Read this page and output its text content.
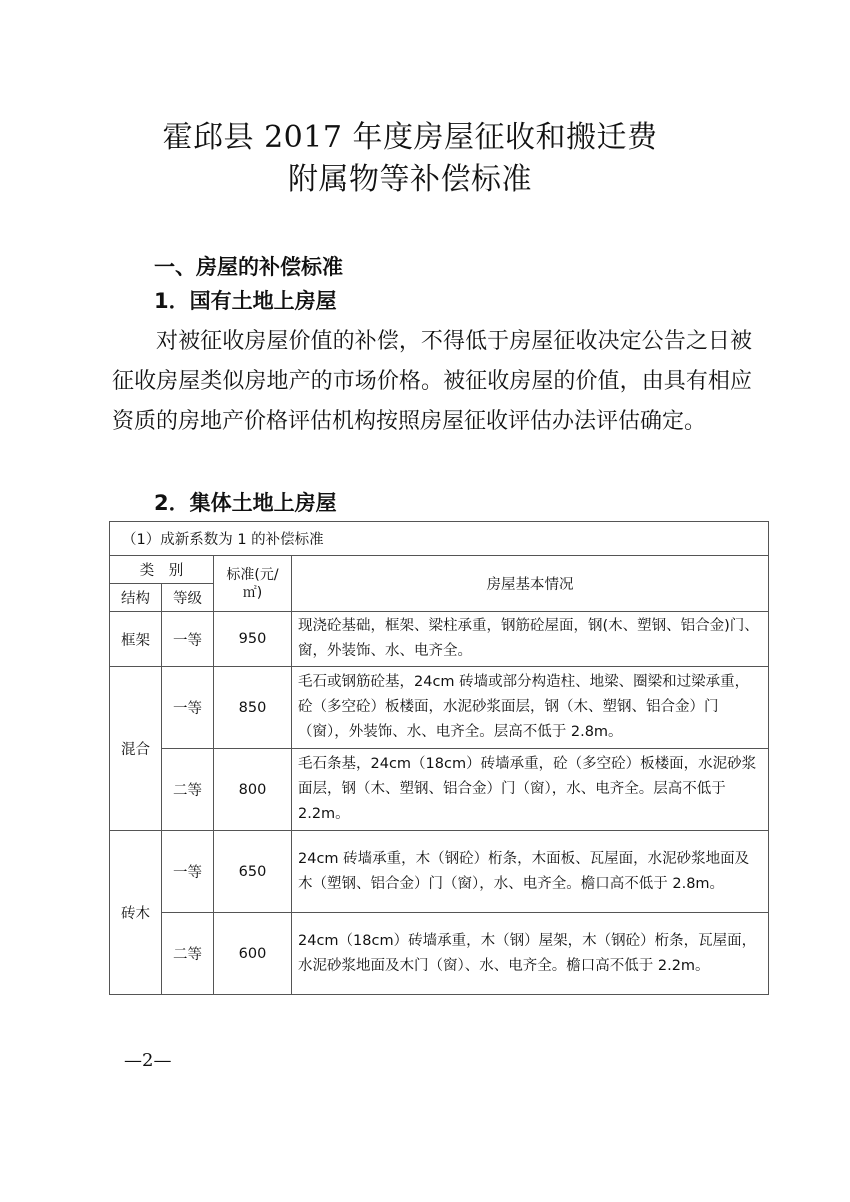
霍邱县 2017 年度房屋征收和搬迁费
附属物等补偿标准
一、房屋的补偿标准
1．国有土地上房屋
对被征收房屋价值的补偿，不得低于房屋征收决定公告之日被征收房屋类似房地产的市场价格。被征收房屋的价值，由具有相应资质的房地产价格评估机构按照房屋征收评估办法评估确定。
2．集体土地上房屋
（1）成新系数为 1 的补偿标准			
类　别		标准(元/㎡)	房屋基本情况
结构	等级		
框架	一等	950	现浇砼基础，框架、梁柱承重，钢筋砼屋面，钢(木、塑钢、铝合金)门、窗，外装饰、水、电齐全。
混合	一等	850	毛石或钢筋砼基，24cm 砖墙或部分构造柱、地梁、圈梁和过梁承重，砼（多空砼）板楼面，水泥砂浆面层，钢（木、塑钢、铝合金）门（窗），外装饰、水、电齐全。层高不低于 2.8m。
	二等	800	毛石条基，24cm（18cm）砖墙承重，砼（多空砼）板楼面，水泥砂浆面层，钢（木、塑钢、铝合金）门（窗），水、电齐全。层高不低于 2.2m。
砖木	一等	650	24cm 砖墙承重，木（钢砼）桁条，木面板、瓦屋面，水泥砂浆地面及木（塑钢、铝合金）门（窗），水、电齐全。檐口高不低于 2.8m。
	二等	600	24cm（18cm）砖墙承重，木（钢）屋架，木（钢砼）桁条，瓦屋面，水泥砂浆地面及木门（窗）、水、电齐全。檐口高不低于 2.2m。
—2—
